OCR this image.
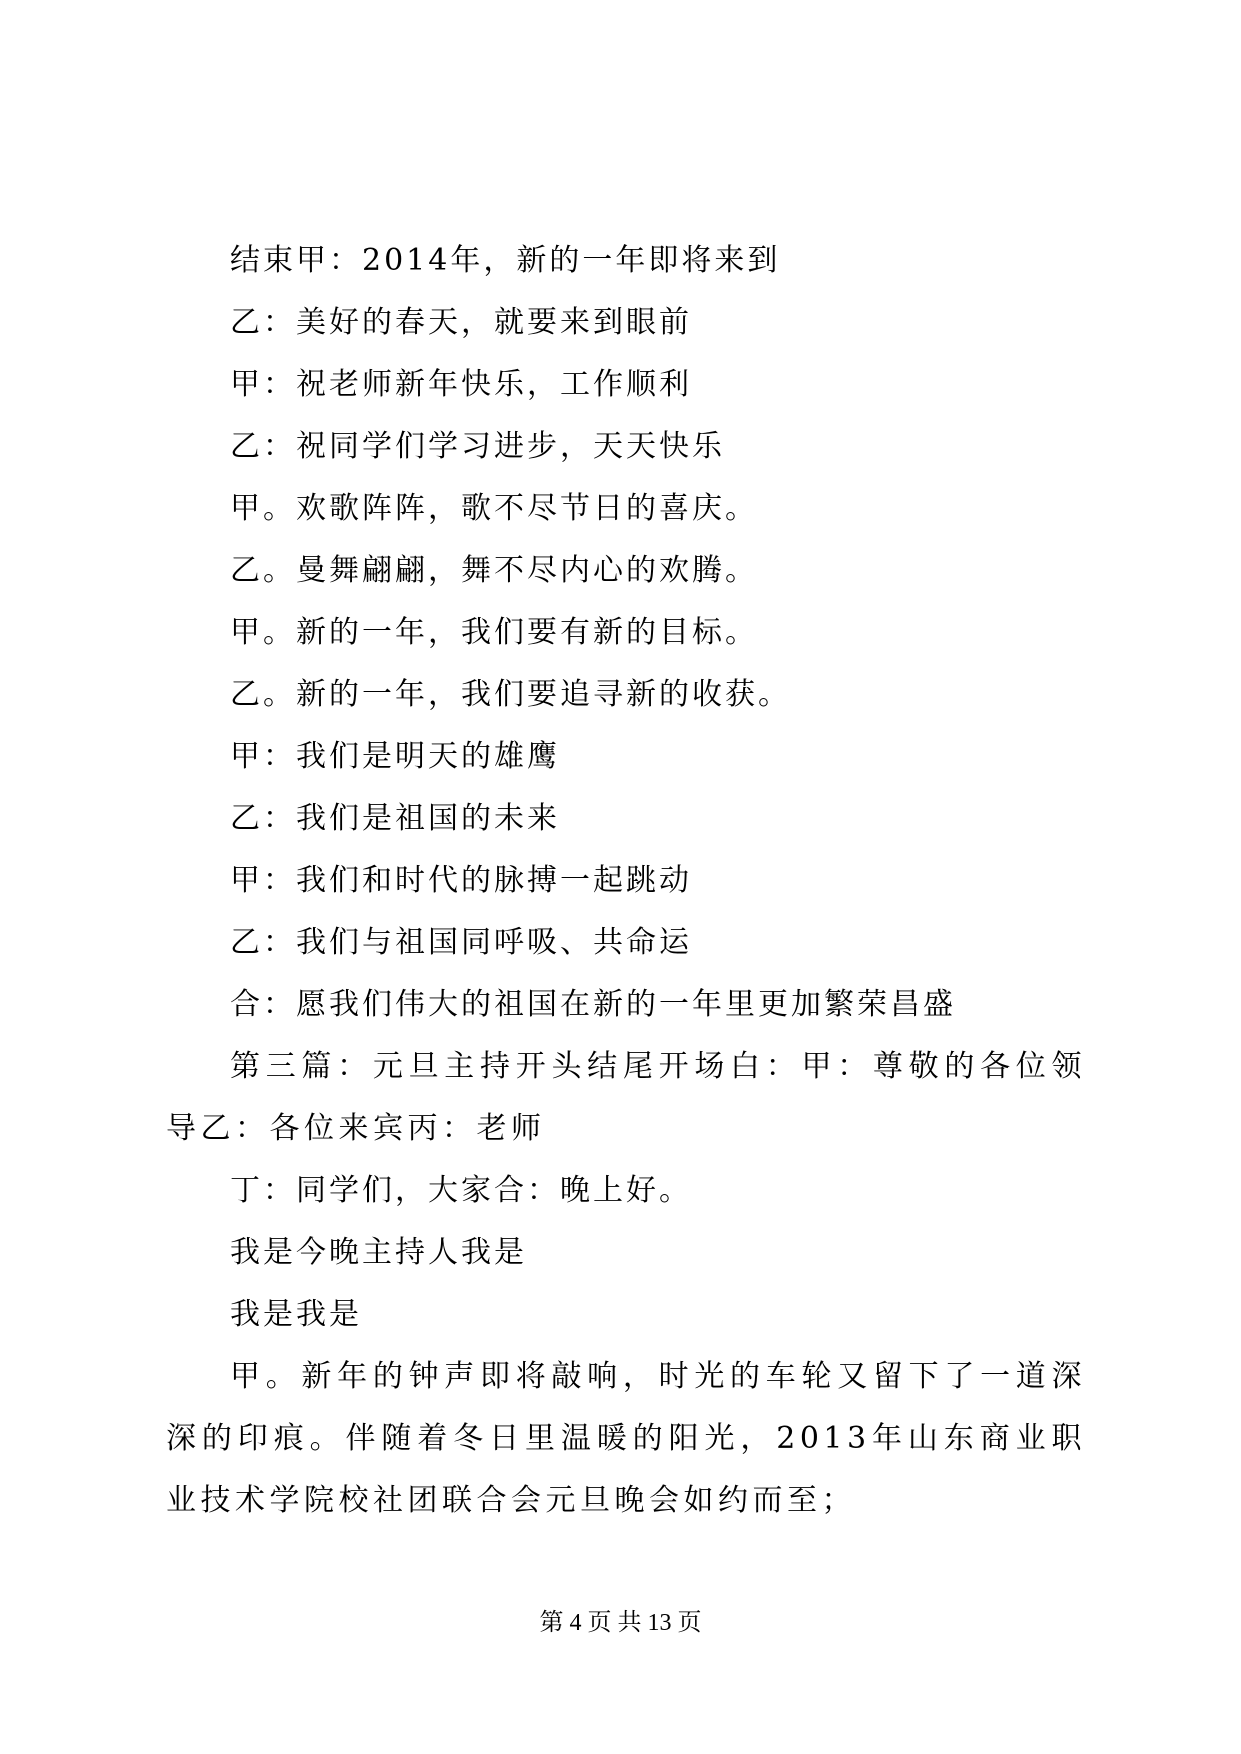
结束甲：2014年，新的一年即将来到

乙：美好的春天，就要来到眼前

甲：祝老师新年快乐，工作顺利

乙：祝同学们学习进步，天天快乐

甲。欢歌阵阵，歌不尽节日的喜庆。

乙。曼舞翩翩，舞不尽内心的欢腾。

甲。新的一年，我们要有新的目标。

乙。新的一年，我们要追寻新的收获。

甲：我们是明天的雄鹰

乙：我们是祖国的未来

甲：我们和时代的脉搏一起跳动

乙：我们与祖国同呼吸、共命运

合：愿我们伟大的祖国在新的一年里更加繁荣昌盛

第三篇：元旦主持开头结尾开场白：甲：尊敬的各位领导乙：各位来宾丙：老师

丁：同学们，大家合：晚上好。

我是今晚主持人我是

我是我是

甲。新年的钟声即将敲响，时光的车轮又留下了一道深深的印痕。伴随着冬日里温暖的阳光，2013年山东商业职业技术学院校社团联合会元旦晚会如约而至；

第 4 页 共 13 页
